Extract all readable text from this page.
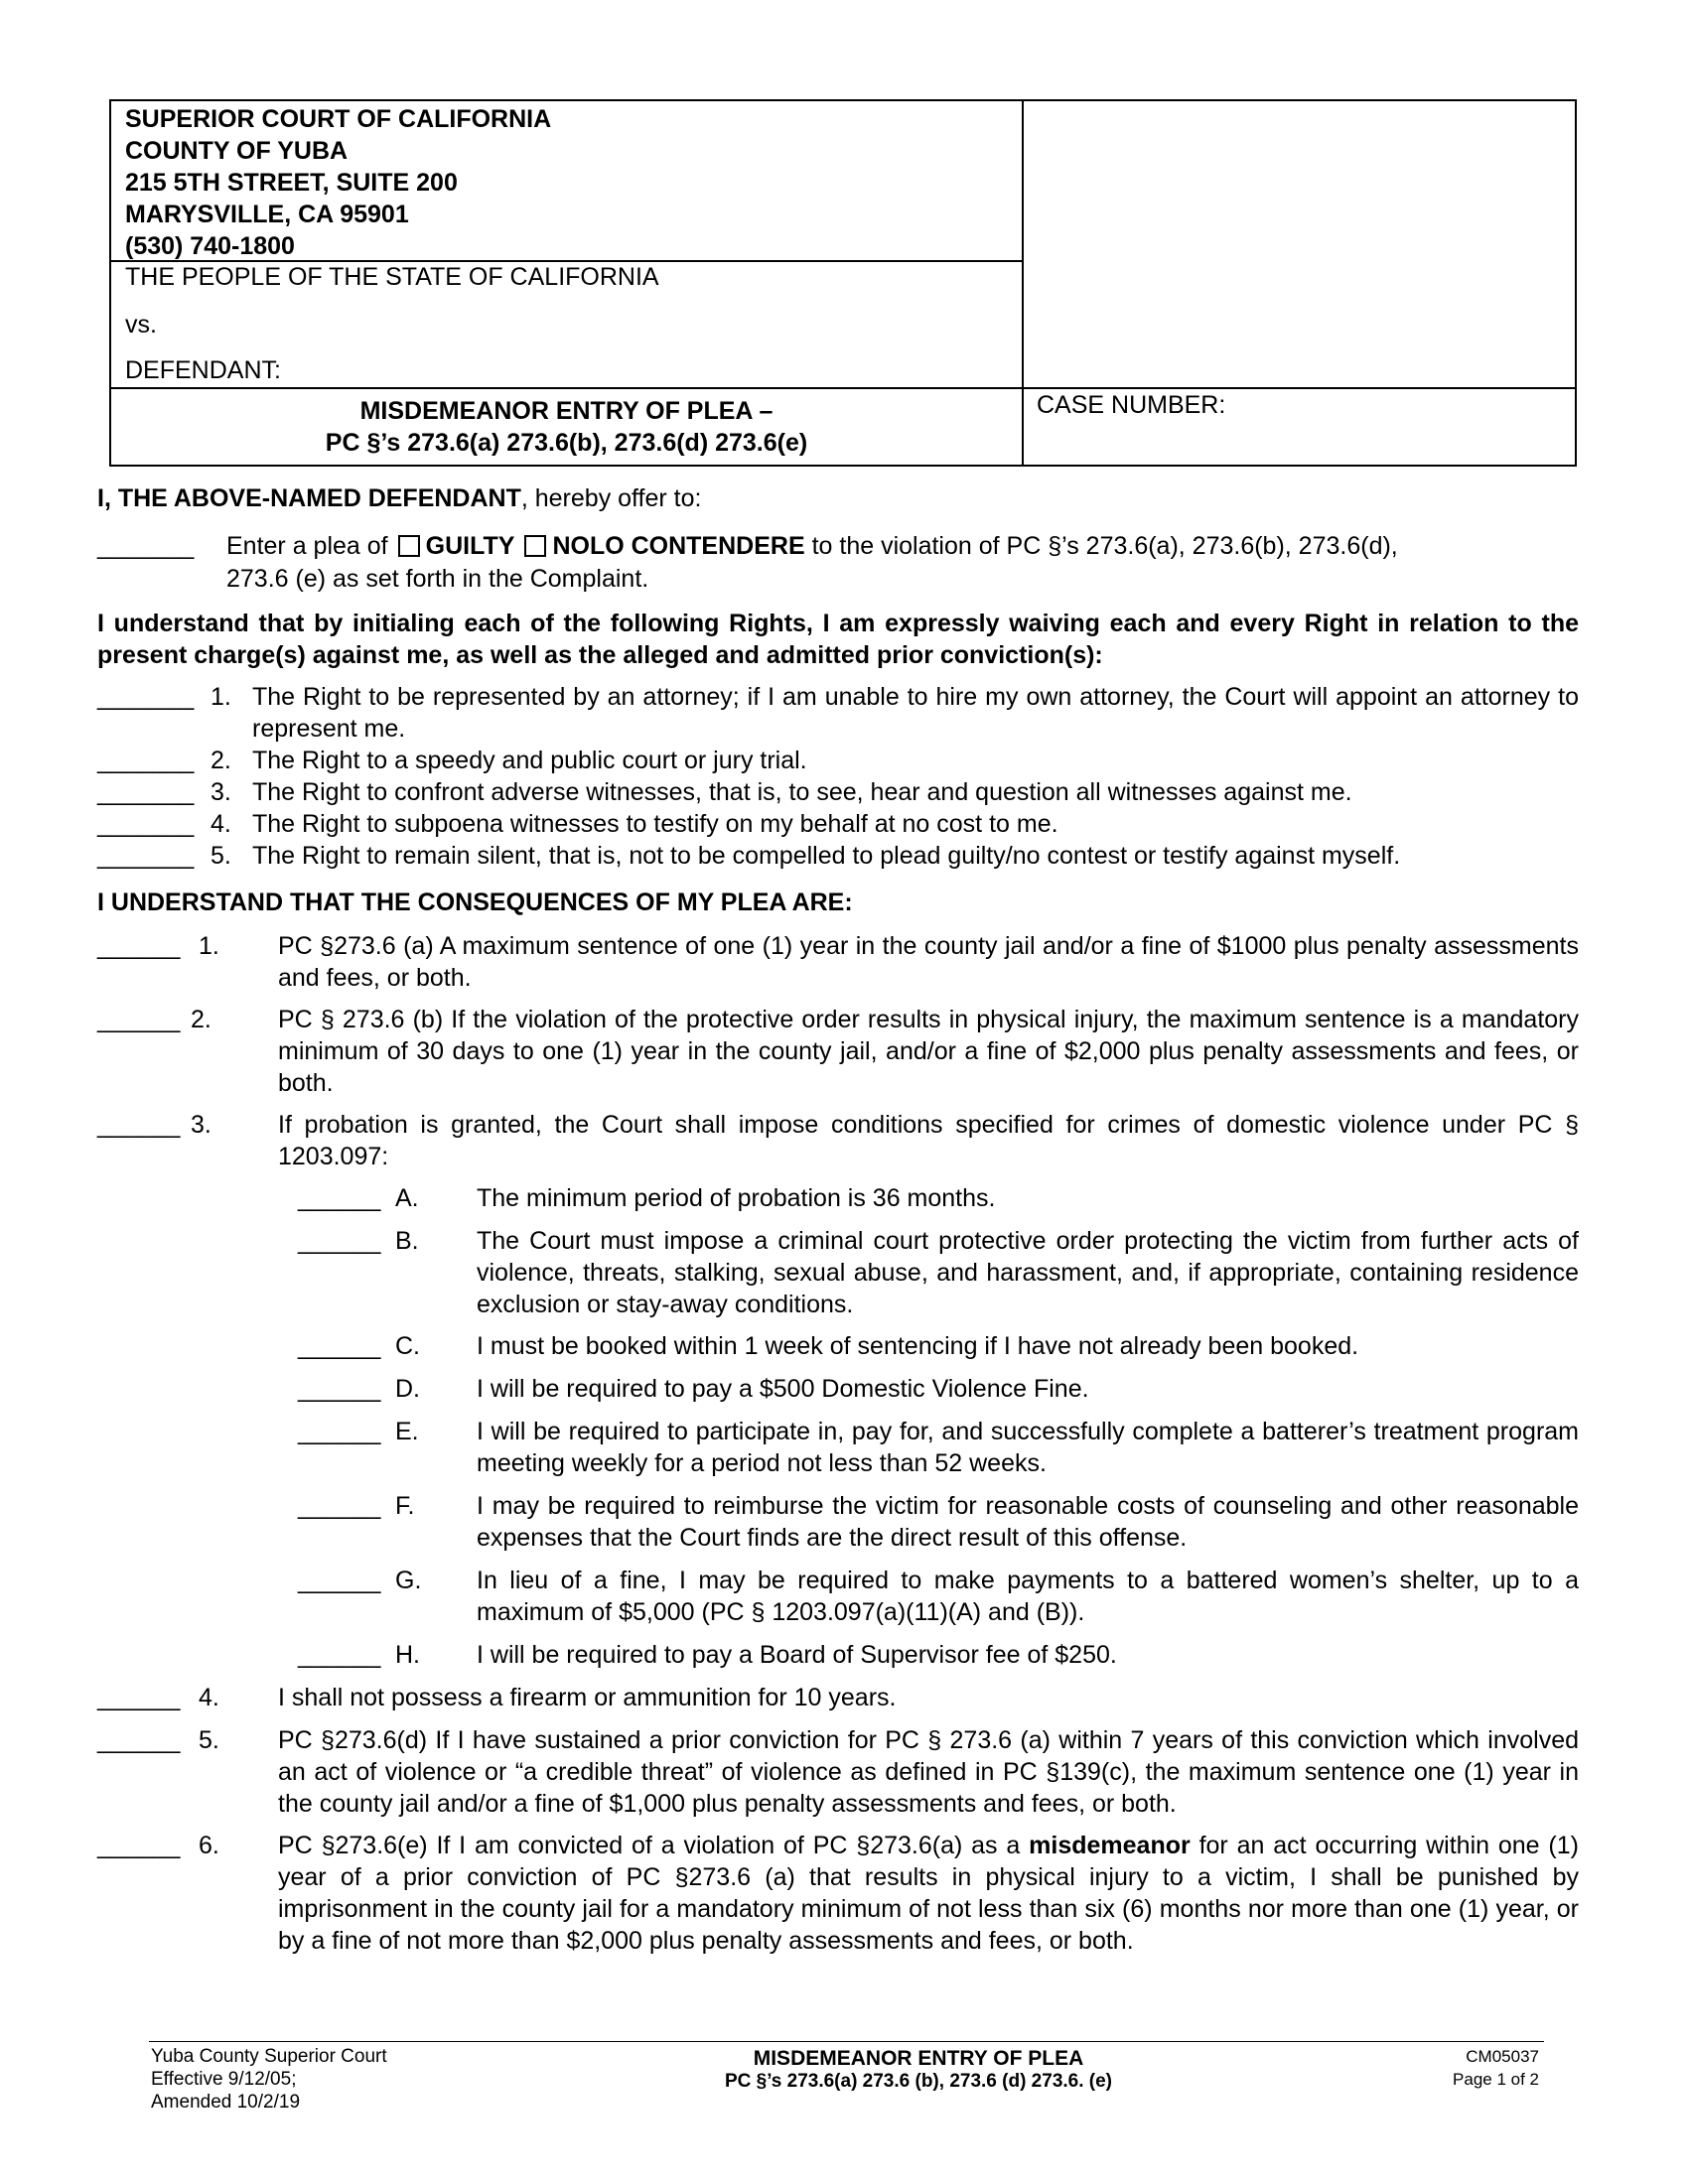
SUPERIOR COURT OF CALIFORNIA
COUNTY OF YUBA
215 5TH STREET, SUITE 200
MARYSVILLE, CA 95901
(530) 740-1800
THE PEOPLE OF THE STATE OF CALIFORNIA
vs.
DEFENDANT:
MISDEMEANOR ENTRY OF PLEA –
PC §’s 273.6(a) 273.6(b), 273.6(d) 273.6(e)
CASE NUMBER:
I, THE ABOVE-NAMED DEFENDANT, hereby offer to:
_______ Enter a plea of GUILTY NOLO CONTENDERE to the violation of PC §’s 273.6(a), 273.6(b), 273.6(d),
273.6 (e) as set forth in the Complaint.
I understand that by initialing each of the following Rights, I am expressly waiving each and every Right in relation to the present charge(s) against me, as well as the alleged and admitted prior conviction(s):
_______ 1. The Right to be represented by an attorney; if I am unable to hire my own attorney, the Court will appoint an attorney to represent me.
_______ 2. The Right to a speedy and public court or jury trial.
_______ 3. The Right to confront adverse witnesses, that is, to see, hear and question all witnesses against me.
_______ 4. The Right to subpoena witnesses to testify on my behalf at no cost to me.
_______ 5. The Right to remain silent, that is, not to be compelled to plead guilty/no contest or testify against myself.
I UNDERSTAND THAT THE CONSEQUENCES OF MY PLEA ARE:
______ 1. PC §273.6 (a) A maximum sentence of one (1) year in the county jail and/or a fine of $1000 plus penalty assessments and fees, or both.
______ 2.	PC § 273.6 (b) If the violation of the protective order results in physical injury, the maximum sentence is a mandatory minimum of 30 days to one (1) year in the county jail, and/or a fine of $2,000 plus penalty assessments and fees, or both.
______ 3.	If probation is granted, the Court shall impose conditions specified for crimes of domestic violence under PC § 1203.097:
______ A. The minimum period of probation is 36 months.
______ B. The Court must impose a criminal court protective order protecting the victim from further acts of violence, threats, stalking, sexual abuse, and harassment, and, if appropriate, containing residence exclusion or stay-away conditions.
______ C. I must be booked within 1 week of sentencing if I have not already been booked.
______ D. I will be required to pay a $500 Domestic Violence Fine.
______ E. I will be required to participate in, pay for, and successfully complete a batterer’s treatment program meeting weekly for a period not less than 52 weeks.
______ F.	I may be required to reimburse the victim for reasonable costs of counseling and other reasonable expenses that the Court finds are the direct result of this offense.
______ G. In lieu of a fine, I may be required to make payments to a battered women’s shelter, up to a maximum of $5,000 (PC § 1203.097(a)(11)(A) and (B)).
______ H. I will be required to pay a Board of Supervisor fee of $250.
______ 4. I shall not possess a firearm or ammunition for 10 years.
______ 5. PC §273.6(d) If I have sustained a prior conviction for PC § 273.6 (a) within 7 years of this conviction which involved an act of violence or “a credible threat” of violence as defined in PC §139(c), the maximum sentence one (1) year in the county jail and/or a fine of $1,000 plus penalty assessments and fees, or both.
______ 6. PC §273.6(e) If I am convicted of a violation of PC §273.6(a) as a misdemeanor for an act occurring within one (1) year of a prior conviction of PC §273.6 (a) that results in physical injury to a victim, I shall be punished by imprisonment in the county jail for a mandatory minimum of not less than six (6) months nor more than one (1) year, or by a fine of not more than $2,000 plus penalty assessments and fees, or both.
Yuba County Superior Court
Effective 9/12/05;
Amended 10/2/19
MISDEMEANOR ENTRY OF PLEA
PC §’s 273.6(a) 273.6 (b), 273.6 (d) 273.6. (e)
CM05037
Page 1 of 2
